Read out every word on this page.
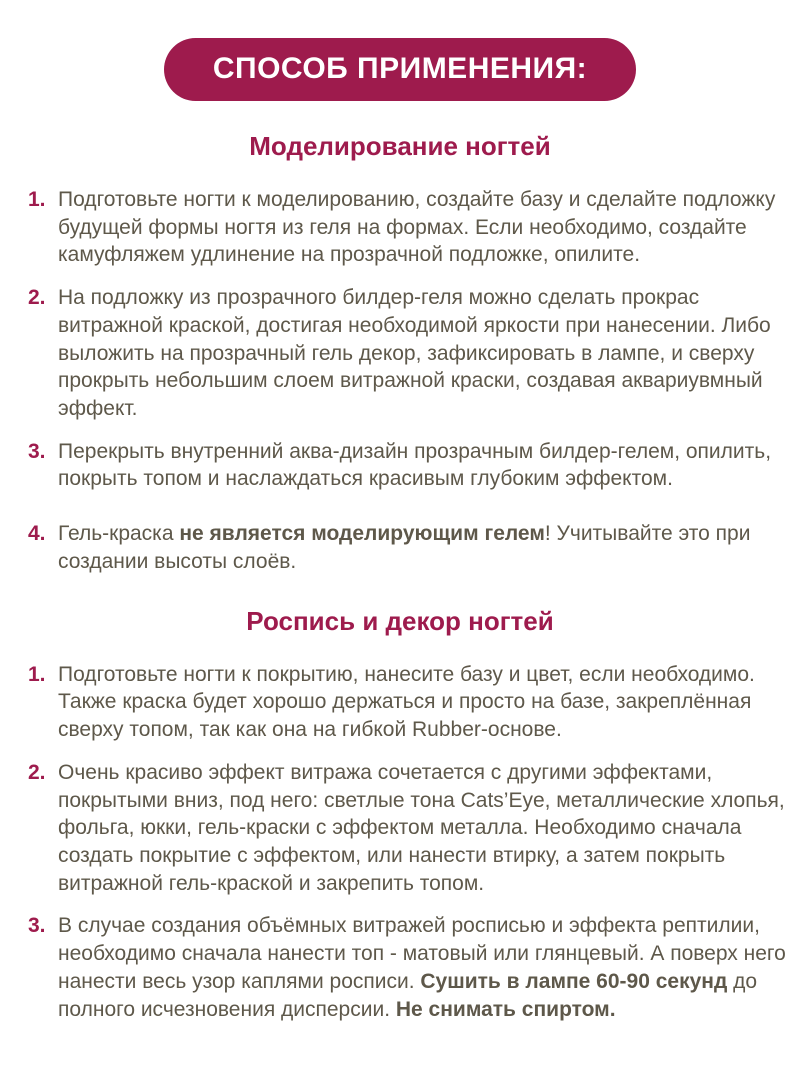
СПОСОБ ПРИМЕНЕНИЯ:
Моделирование ногтей
1. Подготовьте ногти к моделированию, создайте базу и сделайте подложку будущей формы ногтя из геля на формах. Если необходимо, создайте камуфляжем удлинение на прозрачной подложке, опилите.

2. На подложку из прозрачного билдер-геля можно сделать прокрас витражной краской, достигая необходимой яркости при нанесении. Либо выложить на прозрачный гель декор, зафиксировать в лампе, и сверху прокрыть небольшим слоем витражной краски, создавая аквариувмный эффект.

3. Перекрыть внутренний аква-дизайн прозрачным билдер-гелем, опилить, покрыть топом и наслаждаться красивым глубоким эффектом.

4. Гель-краска не является моделирующим гелем! Учитывайте это при создании высоты слоёв.

Роспись и декор ногтей
1. Подготовьте ногти к покрытию, нанесите базу и цвет, если необходимо. Также краска будет хорошо держаться и просто на базе, закреплённая сверху топом, так как она на гибкой Rubber-основе.

2. Очень красиво эффект витража сочетается с другими эффектами, покрытыми вниз, под него: светлые тона Cats’Eye, металлические хлопья, фольга, юкки, гель-краски с эффектом металла. Необходимо сначала создать покрытие с эффектом, или нанести втирку, а затем покрыть витражной гель-краской и закрепить топом.

3. В случае создания объёмных витражей росписью и эффекта рептилии, необходимо сначала нанести топ - матовый или глянцевый. А поверх него нанести весь узор каплями росписи. Сушить в лампе 60-90 секунд до полного исчезновения дисперсии. Не снимать спиртом.
